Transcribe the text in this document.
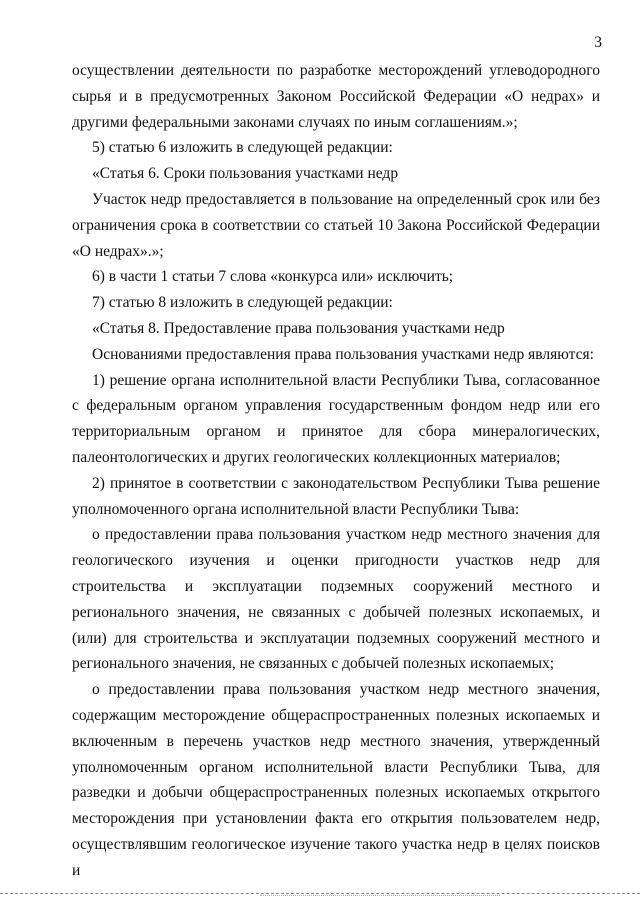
3

осуществлении деятельности по разработке месторождений углеводородного сырья и в предусмотренных Законом Российской Федерации «О недрах» и другими федеральными законами случаях по иным соглашениям.»;

5) статью 6 изложить в следующей редакции:

«Статья 6. Сроки пользования участками недр

Участок недр предоставляется в пользование на определенный срок или без ограничения срока в соответствии со статьей 10 Закона Российской Федерации «О недрах».»;

6) в части 1 статьи 7 слова «конкурса или» исключить;

7) статью 8 изложить в следующей редакции:

«Статья 8. Предоставление права пользования участками недр

Основаниями предоставления права пользования участками недр являются:

1) решение органа исполнительной власти Республики Тыва, согласованное с федеральным органом управления государственным фондом недр или его территориальным органом и принятое для сбора минералогических, палеонтологических и других геологических коллекционных материалов;

2) принятое в соответствии с законодательством Республики Тыва решение уполномоченного органа исполнительной власти Республики Тыва:

о предоставлении права пользования участком недр местного значения для геологического изучения и оценки пригодности участков недр для строительства и эксплуатации подземных сооружений местного и регионального значения, не связанных с добычей полезных ископаемых, и (или) для строительства и эксплуатации подземных сооружений местного и регионального значения, не связанных с добычей полезных ископаемых;

о предоставлении права пользования участком недр местного значения, содержащим месторождение общераспространенных полезных ископаемых и включенным в перечень участков недр местного значения, утвержденный уполномоченным органом исполнительной власти Республики Тыва, для разведки и добычи общераспространенных полезных ископаемых открытого месторождения при установлении факта его открытия пользователем недр, осуществлявшим геологическое изучение такого участка недр в целях поисков и
